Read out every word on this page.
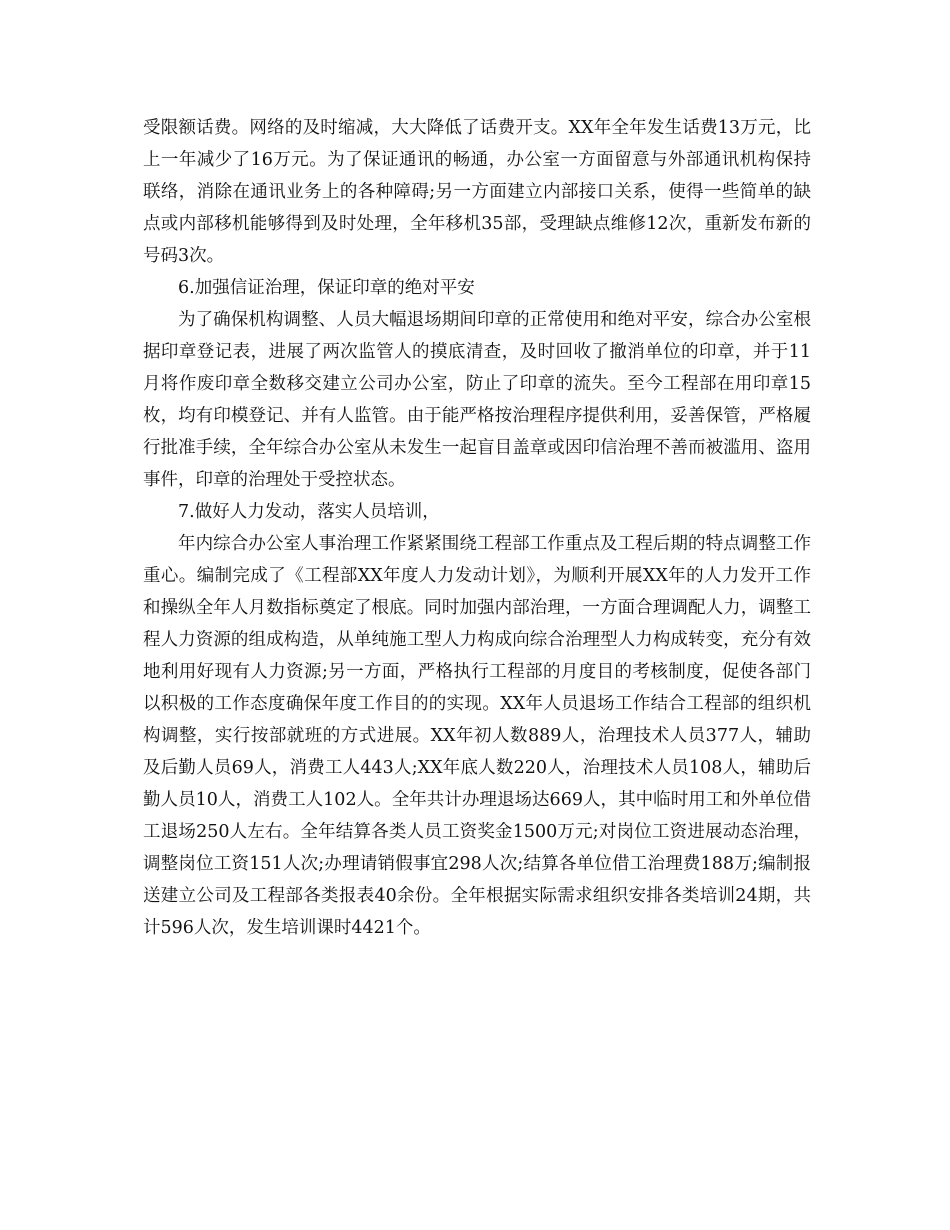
受限额话费。网络的及时缩减，大大降低了话费开支。XX年全年发生话费13万元，比上一年减少了16万元。为了保证通讯的畅通，办公室一方面留意与外部通讯机构保持联络，消除在通讯业务上的各种障碍;另一方面建立内部接口关系，使得一些简单的缺点或内部移机能够得到及时处理，全年移机35部，受理缺点维修12次，重新发布新的号码3次。

6.加强信证治理，保证印章的绝对平安

为了确保机构调整、人员大幅退场期间印章的正常使用和绝对平安，综合办公室根据印章登记表，进展了两次监管人的摸底清查，及时回收了撤消单位的印章，并于11月将作废印章全数移交建立公司办公室，防止了印章的流失。至今工程部在用印章15枚，均有印模登记、并有人监管。由于能严格按治理程序提供利用，妥善保管，严格履行批准手续，全年综合办公室从未发生一起盲目盖章或因印信治理不善而被滥用、盗用事件，印章的治理处于受控状态。

7.做好人力发动，落实人员培训，

年内综合办公室人事治理工作紧紧围绕工程部工作重点及工程后期的特点调整工作重心。编制完成了《工程部XX年度人力发动计划》，为顺利开展XX年的人力发开工作和操纵全年人月数指标奠定了根底。同时加强内部治理，一方面合理调配人力，调整工程人力资源的组成构造，从单纯施工型人力构成向综合治理型人力构成转变，充分有效地利用好现有人力资源;另一方面，严格执行工程部的月度目的考核制度，促使各部门以积极的工作态度确保年度工作目的的实现。XX年人员退场工作结合工程部的组织机构调整，实行按部就班的方式进展。XX年初人数889人，治理技术人员377人，辅助及后勤人员69人，消费工人443人;XX年底人数220人，治理技术人员108人，辅助后勤人员10人，消费工人102人。全年共计办理退场达669人，其中临时用工和外单位借工退场250人左右。全年结算各类人员工资奖金1500万元;对岗位工资进展动态治理，调整岗位工资151人次;办理请销假事宜298人次;结算各单位借工治理费188万;编制报送建立公司及工程部各类报表40余份。全年根据实际需求组织安排各类培训24期，共计596人次，发生培训课时4421个。
